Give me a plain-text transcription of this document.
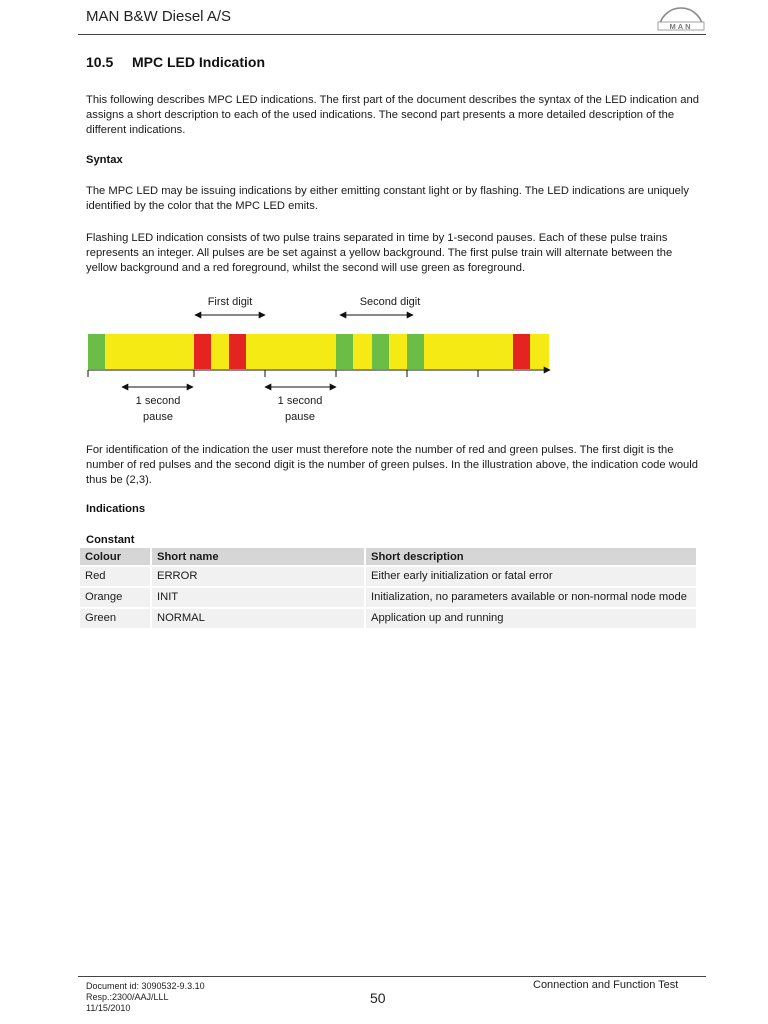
MAN B&W Diesel A/S
MAN
10.5 MPC LED Indication
This following describes MPC LED indications. The first part of the document describes the syntax of the LED indication and assigns a short description to each of the used indications. The second part presents a more detailed description of the different indications.
Syntax
The MPC LED may be issuing indications by either emitting constant light or by flashing. The LED indications are uniquely identified by the color that the MPC LED emits.
Flashing LED indication consists of two pulse trains separated in time by 1-second pauses. Each of these pulse trains represents an integer. All pulses are be set against a yellow background. The first pulse train will alternate between the yellow background and a red foreground, whilst the second will use green as foreground.
First digit	Second digit
1 second
pause
1 second
pause
For identification of the indication the user must therefore note the number of red and green pulses. The first digit is the number of red pulses and the second digit is the number of green pulses. In the illustration above, the indication code would thus be (2,3).
Indications
Constant
Colour	Short name	Short description
Red	ERROR	Either early initialization or fatal error
Orange	INIT	Initialization, no parameters available or non-normal node mode
Green	NORMAL	Application up and running
Document id: 3090532-9.3.10
Resp.:2300/AAJ/LLL
11/15/2010
50
Connection and Function Test
